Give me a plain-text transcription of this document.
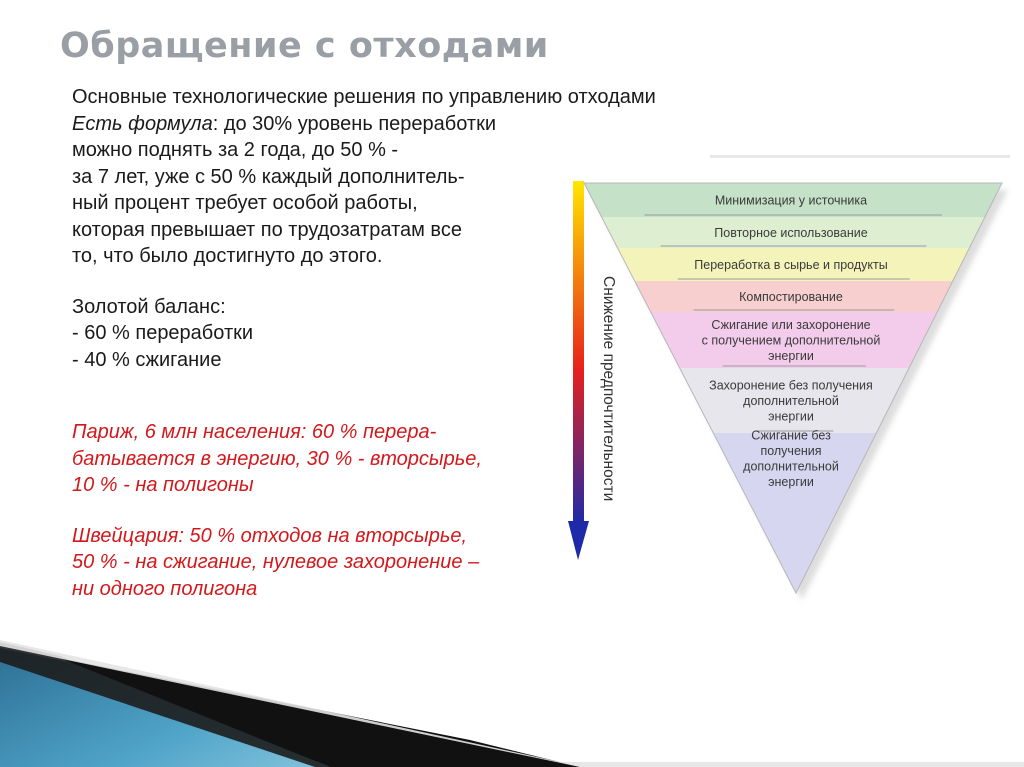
Обращение с отходами
Основные технологические решения по управлению отходами
Есть формула: до 30% уровень переработки
можно поднять за 2 года, до 50 % -
за 7 лет, уже с 50 % каждый дополнитель-
ный процент требует особой работы,
которая превышает по трудозатратам все
то, что было достигнуто до этого.
Золотой баланс:
- 60 % переработки
- 40 % сжигание
Париж, 6 млн населения: 60 % перера-
батывается в энергию, 30 % - вторсырье,
10 % - на полигоны
Швейцария: 50 % отходов на вторсырье,
50 % - на сжигание, нулевое захоронение –
ни одного полигона
Снижение предпочтительности
Минимизация у источника
Повторное использование
Переработка в сырье и продукты
Компостирование
Сжигание или захоронение
с получением дополнительной
энергии
Захоронение без получения
дополнительной
энергии
Сжигание без
получения
дополнительной
энергии
